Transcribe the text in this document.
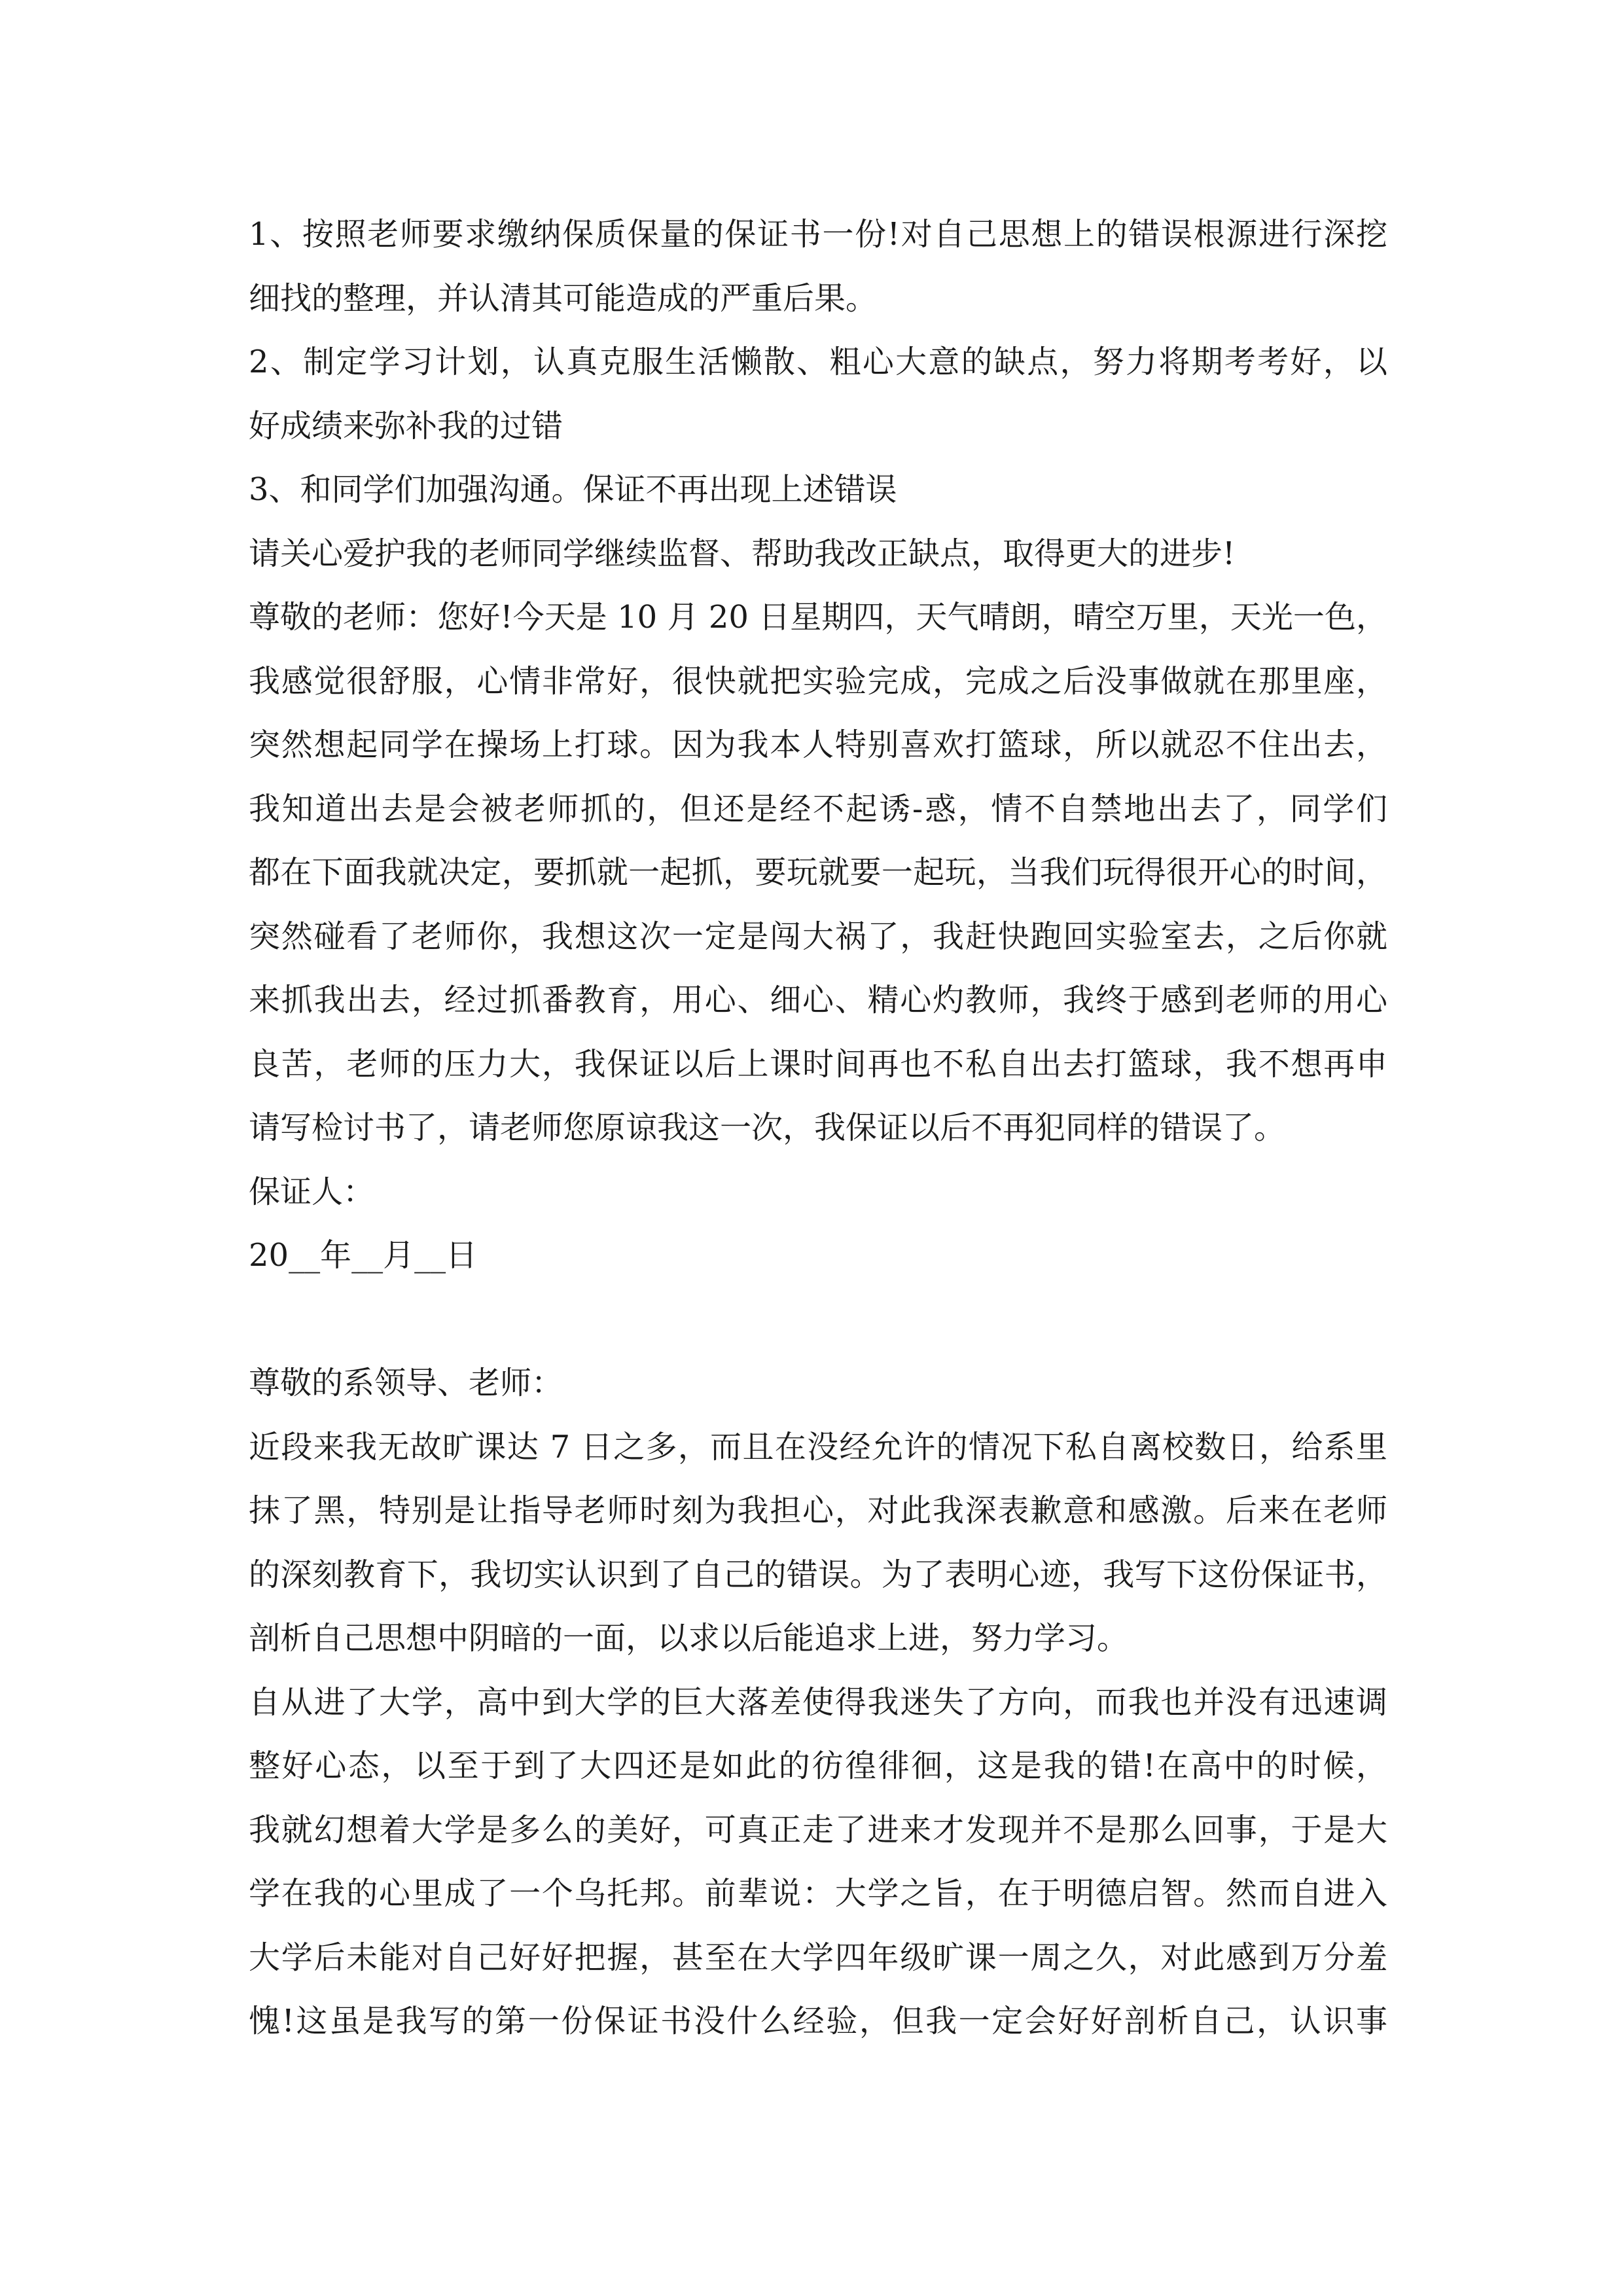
1、按照老师要求缴纳保质保量的保证书一份!对自己思想上的错误根源进行深挖
细找的整理，并认清其可能造成的严重后果。
2、制定学习计划，认真克服生活懒散、粗心大意的缺点，努力将期考考好，以
好成绩来弥补我的过错
3、和同学们加强沟通。保证不再出现上述错误
请关心爱护我的老师同学继续监督、帮助我改正缺点，取得更大的进步!
尊敬的老师：您好!今天是 10 月 20 日星期四，天气晴朗，晴空万里，天光一色，
我感觉很舒服，心情非常好，很快就把实验完成，完成之后没事做就在那里座，
突然想起同学在操场上打球。因为我本人特别喜欢打篮球，所以就忍不住出去，
我知道出去是会被老师抓的，但还是经不起诱-惑，情不自禁地出去了，同学们
都在下面我就决定，要抓就一起抓，要玩就要一起玩，当我们玩得很开心的时间，
突然碰看了老师你，我想这次一定是闯大祸了，我赶快跑回实验室去，之后你就
来抓我出去，经过抓番教育，用心、细心、精心灼教师，我终于感到老师的用心
良苦，老师的压力大，我保证以后上课时间再也不私自出去打篮球，我不想再申
请写检讨书了，请老师您原谅我这一次，我保证以后不再犯同样的错误了。
保证人：
20__年__月__日
尊敬的系领导、老师：
近段来我无故旷课达 7 日之多，而且在没经允许的情况下私自离校数日，给系里
抹了黑，特别是让指导老师时刻为我担心，对此我深表歉意和感激。后来在老师
的深刻教育下，我切实认识到了自己的错误。为了表明心迹，我写下这份保证书，
剖析自己思想中阴暗的一面，以求以后能追求上进，努力学习。
自从进了大学，高中到大学的巨大落差使得我迷失了方向，而我也并没有迅速调
整好心态，以至于到了大四还是如此的彷徨徘徊，这是我的错!在高中的时候，
我就幻想着大学是多么的美好，可真正走了进来才发现并不是那么回事，于是大
学在我的心里成了一个乌托邦。前辈说：大学之旨，在于明德启智。然而自进入
大学后未能对自己好好把握，甚至在大学四年级旷课一周之久，对此感到万分羞
愧!这虽是我写的第一份保证书没什么经验，但我一定会好好剖析自己，认识事
